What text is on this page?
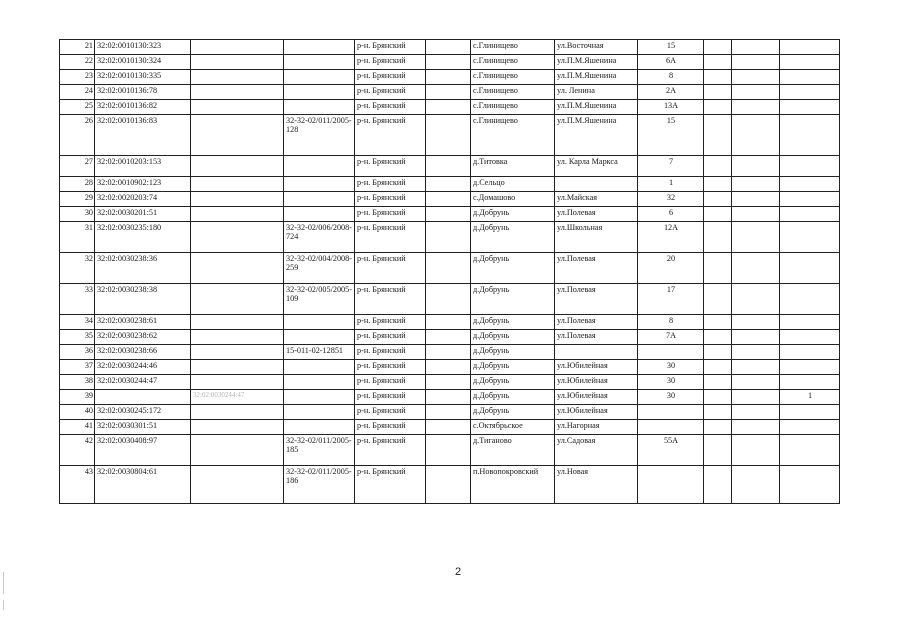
21	32:02:0010130:323			р-н. Брянский		с.Глинищево	ул.Восточная	15			
22	32:02:0010130:324			р-н. Брянский		с.Глинищево	ул.П.М.Яшенина	6А			
23	32:02:0010130:335			р-н. Брянский		с.Глинищево	ул.П.М.Яшенина	8			
24	32:02:0010136:78			р-н. Брянский		с.Глинищево	ул. Ленина	2А			
25	32:02:0010136:82			р-н. Брянский		с.Глинищево	ул.П.М.Яшенина	13А			
26	32:02:0010136:83		32-32-02/011/2005-128	р-н. Брянский		с.Глинищево	ул.П.М.Яшенина	15			
27	32:02:0010203:153			р-н. Брянский		д.Титовка	ул. Карла Маркса	7			
28	32:02:0010902:123			р-н. Брянский		д.Сельцо		1			
29	32:02:0020203:74			р-н. Брянский		с.Домашово	ул.Майская	32			
30	32:02:0030201:51			р-н. Брянский		д.Добрунь	ул.Полевая	6			
31	32:02:0030235:180		32-32-02/006/2008-724	р-н. Брянский		д.Добрунь	ул.Школьная	12А			
32	32:02:0030238:36		32-32-02/004/2008-259	р-н. Брянский		д.Добрунь	ул.Полевая	20			
33	32:02:0030238:38		32-32-02/005/2005-109	р-н. Брянский		д.Добрунь	ул.Полевая	17			
34	32:02:0030238:61			р-н. Брянский		д.Добрунь	ул.Полевая	8			
35	32:02:0030238:62			р-н. Брянский		д.Добрунь	ул.Полевая	7А			
36	32:02:0030238:66		15-011-02-12851	р-н. Брянский		д.Добрунь					
37	32:02:0030244:46			р-н. Брянский		д.Добрунь	ул.Юбилейная	30			
38	32:02:0030244:47			р-н. Брянский		д.Добрунь	ул.Юбилейная	30			
39		32:02:0030244:47		р-н. Брянский		д.Добрунь	ул.Юбилейная	30			1
40	32:02:0030245:172			р-н. Брянский		д.Добрунь	ул.Юбилейная				
41	32:02:0030301:51			р-н. Брянский		с.Октябрьское	ул.Нагорная				
42	32:02:0030408:97		32-32-02/011/2005-185	р-н. Брянский		д.Тиганово	ул.Садовая	55А			
43	32:02:0030804:61		32-32-02/011/2005-186	р-н. Брянский		п.Новопокровский	ул.Новая				
2
